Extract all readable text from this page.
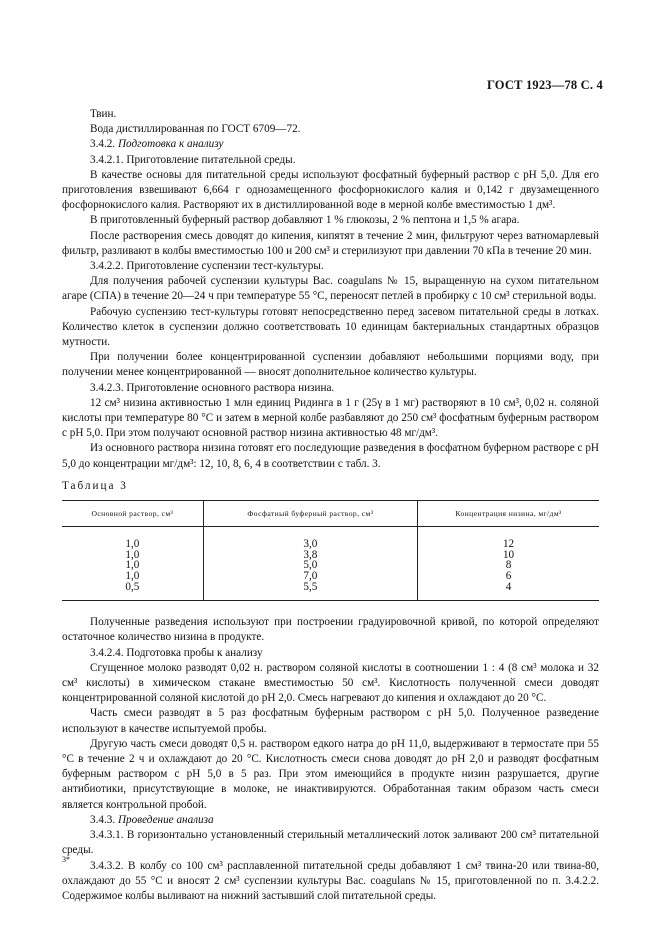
ГОСТ 1923—78 С. 4

Твин.

Вода дистиллированная по ГОСТ 6709—72.

3.4.2. Подготовка к анализу

3.4.2.1. Приготовление питательной среды.

В качестве основы для питательной среды используют фосфатный буферный раствор с рН 5,0. Для его приготовления взвешивают 6,664 г однозамещенного фосфорнокислого калия и 0,142 г двузамещенного фосфорнокислого калия. Растворяют их в дистиллированной воде в мерной колбе вместимостью 1 дм³.

В приготовленный буферный раствор добавляют 1 % глюкозы, 2 % пептона и 1,5 % агара.

После растворения смесь доводят до кипения, кипятят в течение 2 мин, фильтруют через ватномарлевый фильтр, разливают в колбы вместимостью 100 и 200 см³ и стерилизуют при давлении 70 кПа в течение 20 мин.

3.4.2.2. Приготовление суспензии тест-культуры.

Для получения рабочей суспензии культуры Bac. coagulans № 15, выращенную на сухом питательном агаре (СПА) в течение 20—24 ч при температуре 55 °С, переносят петлей в пробирку с 10 см³ стерильной воды.

Рабочую суспензию тест-культуры готовят непосредственно перед засевом питательной среды в лотках. Количество клеток в суспензии должно соответствовать 10 единицам бактериальных стандартных образцов мутности.

При получении более концентрированной суспензии добавляют небольшими порциями воду, при получении менее концентрированной — вносят дополнительное количество культуры.

3.4.2.3. Приготовление основного раствора низина.

12 см³ низина активностью 1 млн единиц Ридинга в 1 г (25γ в 1 мг) растворяют в 10 см³, 0,02 н. соляной кислоты при температуре 80 °С и затем в мерной колбе разбавляют до 250 см³ фосфатным буферным раствором с рН 5,0. При этом получают основной раствор низина активностью 48 мг/дм³.

Из основного раствора низина готовят его последующие разведения в фосфатном буферном растворе с рН 5,0 до концентрации мг/дм³: 12, 10, 8, 6, 4 в соответствии с табл. 3.

Таблица 3

Основной раствор, см³	Фосфатный буферный раствор, см³	Концентрация низина, мг/дм³
1,0	3,0	12
1,0	3,8	10
1,0	5,0	8
1,0	7,0	6
0,5	5,5	4

Полученные разведения используют при построении градуировочной кривой, по которой определяют остаточное количество низина в продукте.

3.4.2.4. Подготовка пробы к анализу

Сгущенное молоко разводят 0,02 н. раствором соляной кислоты в соотношении 1 : 4 (8 см³ молока и 32 см³ кислоты) в химическом стакане вместимостью 50 см³. Кислотность полученной смеси доводят концентрированной соляной кислотой до рН 2,0. Смесь нагревают до кипения и охлаждают до 20 °С.

Часть смеси разводят в 5 раз фосфатным буферным раствором с рН 5,0. Полученное разведение используют в качестве испытуемой пробы.

Другую часть смеси доводят 0,5 н. раствором едкого натра до рН 11,0, выдерживают в термостате при 55 °С в течение 2 ч и охлаждают до 20 °С. Кислотность смеси снова доводят до рН 2,0 и разводят фосфатным буферным раствором с рН 5,0 в 5 раз. При этом имеющийся в продукте низин разрушается, другие антибиотики, присутствующие в молоке, не инактивируются. Обработанная таким образом часть смеси является контрольной пробой.

3.4.3. Проведение анализа

3.4.3.1. В горизонтально установленный стерильный металлический лоток заливают 200 см³ питательной среды.

3.4.3.2. В колбу со 100 см³ расплавленной питательной среды добавляют 1 см³ твина-20 или твина-80, охлаждают до 55 °С и вносят 2 см³ суспензии культуры Bac. coagulans № 15, приготовленной по п. 3.4.2.2. Содержимое колбы выливают на нижний застывший слой питательной среды.

3*
